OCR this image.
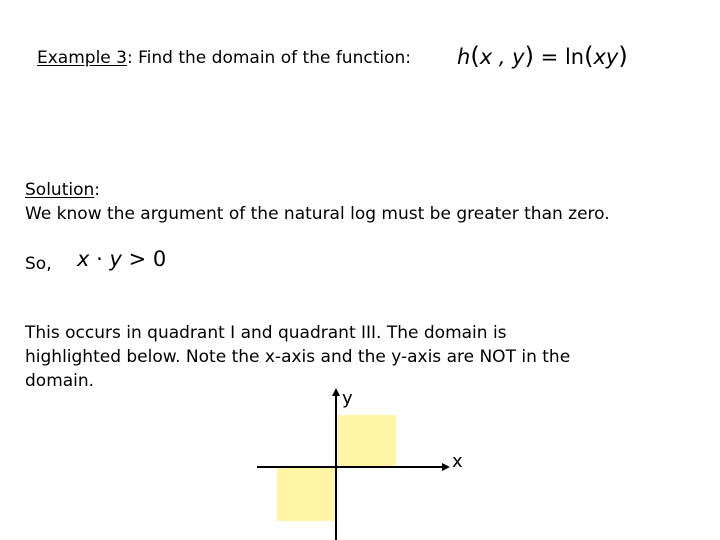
Example 3: Find the domain of the function: h(x , y) = ln(xy)
Solution:
We know the argument of the natural log must be greater than zero.
So, x · y > 0
This occurs in quadrant I and quadrant III. The domain is
highlighted below. Note the x-axis and the y-axis are NOT in the
domain.
y
x
